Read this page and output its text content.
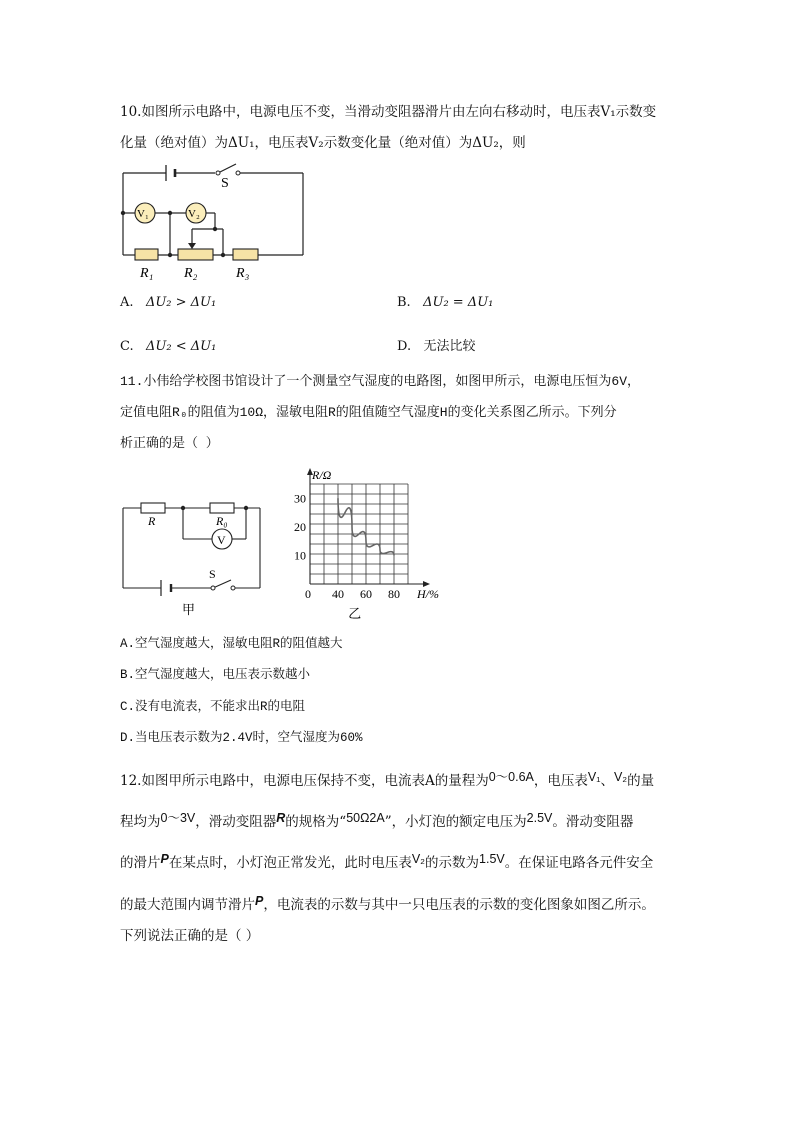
10.如图所示电路中，电源电压不变，当滑动变阻器滑片由左向右移动时，电压表V₁示数变
化量（绝对值）为ΔU₁，电压表V₂示数变化量（绝对值）为ΔU₂，则
S
V₁	V₂
R₁ R₂	R₃
A. ΔU₂ > ΔU₁	B. ΔU₂ = ΔU₁
C. ΔU₂ < ΔU₁	D. 无法比较
11.小伟给学校图书馆设计了一个测量空气湿度的电路图，如图甲所示，电源电压恒为6V，
定值电阻R₀的阻值为10Ω，湿敏电阻R的阻值随空气湿度H的变化关系图乙所示。下列分
析正确的是（ ）
R	R₀
V
S
甲
0 40 60 80
10
20
30
R/Ω
H/%
乙
A.空气湿度越大，湿敏电阻R的阻值越大
B.空气湿度越大，电压表示数越小
C.没有电流表，不能求出R的电阻
D.当电压表示数为2.4V时，空气湿度为60%
12.如图甲所示电路中，电源电压保持不变，电流表A的量程为0～0.6A，电压表V₁、V₂的量
程均为0～3V，滑动变阻器R的规格为“50Ω2A”，小灯泡的额定电压为2.5V。滑动变阻器
的滑片P在某点时，小灯泡正常发光，此时电压表V₂的示数为1.5V。在保证电路各元件安全
的最大范围内调节滑片P，电流表的示数与其中一只电压表的示数的变化图象如图乙所示。
下列说法正确的是（ ）
